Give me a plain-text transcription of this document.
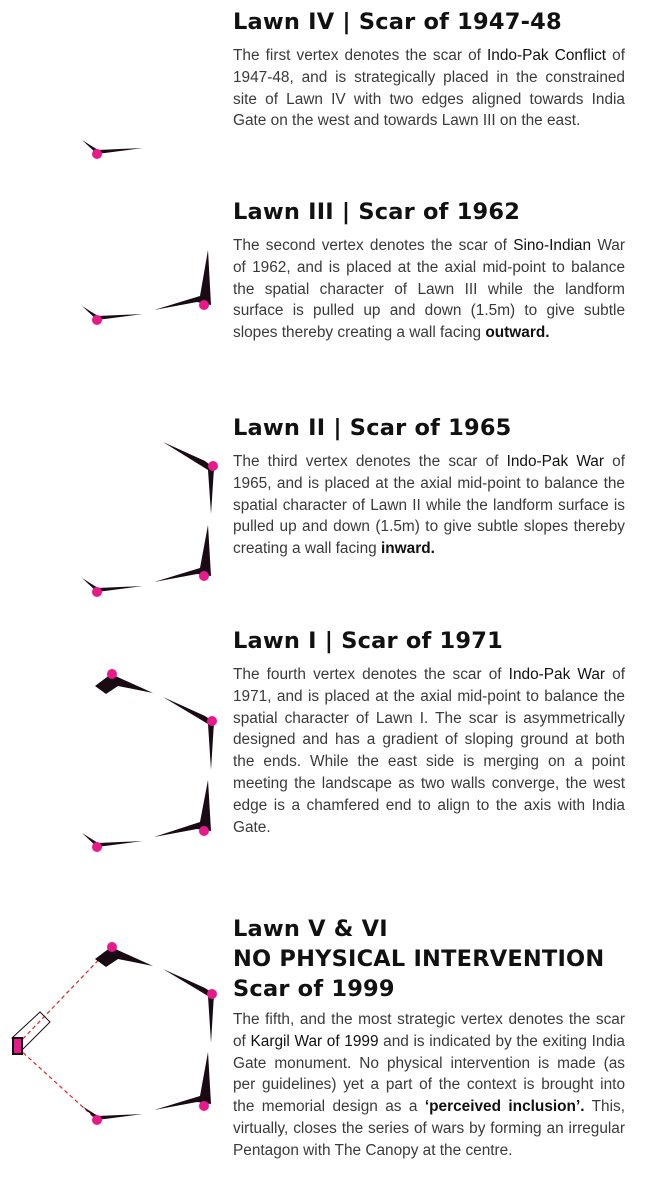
Lawn IV | Scar of 1947-48

The first vertex denotes the scar of Indo-Pak Conflict of 1947-48, and is strategically placed in the constrained site of Lawn IV with two edges aligned towards India Gate on the west and towards Lawn III on the east.

Lawn III | Scar of 1962

The second vertex denotes the scar of Sino-Indian War of 1962, and is placed at the axial mid-point to balance the spatial character of Lawn III while the landform surface is pulled up and down (1.5m) to give subtle slopes thereby creating a wall facing outward.

Lawn II | Scar of 1965

The third vertex denotes the scar of Indo-Pak War of 1965, and is placed at the axial mid-point to balance the spatial character of Lawn II while the landform surface is pulled up and down (1.5m) to give subtle slopes thereby creating a wall facing inward.

Lawn I | Scar of 1971

The fourth vertex denotes the scar of Indo-Pak War of 1971, and is placed at the axial mid-point to balance the spatial character of Lawn I. The scar is asymmetrically designed and has a gradient of sloping ground at both the ends. While the east side is merging on a point meeting the landscape as two walls converge, the west edge is a chamfered end to align to the axis with India Gate.

Lawn V & VI
NO PHYSICAL INTERVENTION
Scar of 1999

The fifth, and the most strategic vertex denotes the scar of Kargil War of 1999 and is indicated by the exiting India Gate monument. No physical intervention is made (as per guidelines) yet a part of the context is brought into the memorial design as a ‘perceived inclusion’. This, virtually, closes the series of wars by forming an irregular Pentagon with The Canopy at the centre.
